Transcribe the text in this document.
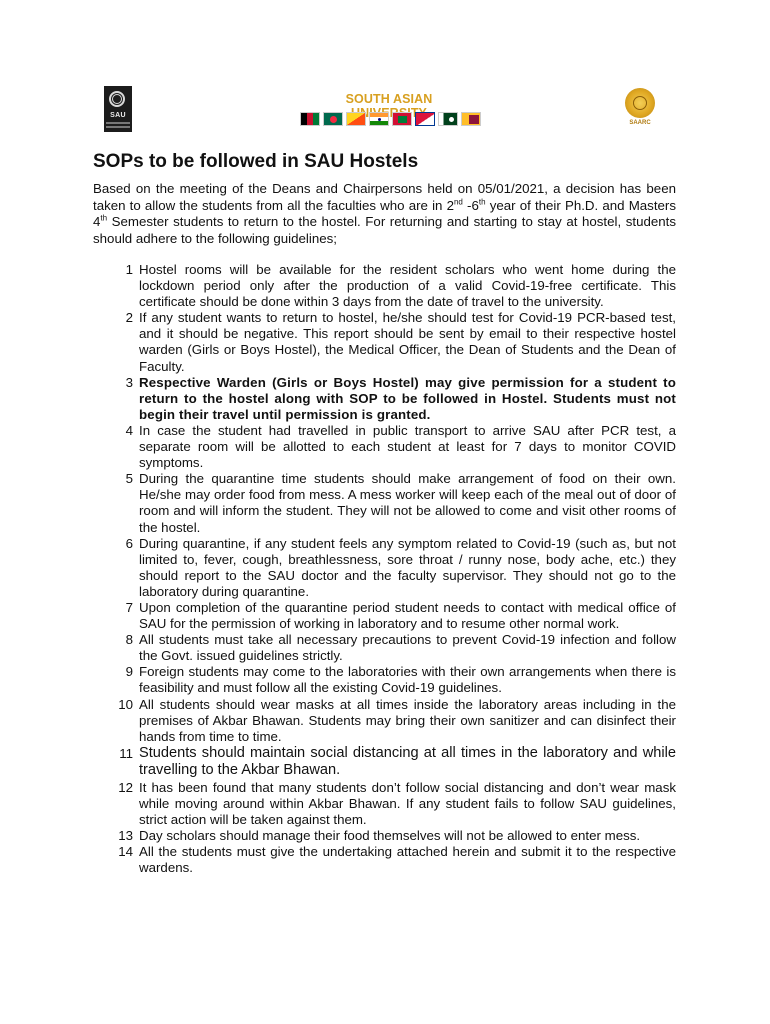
SAU
SOUTH ASIAN
SAARC
SOPs to be followed in SAU Hostels

Based on the meeting of the Deans and Chairpersons held on 05/01/2021, a decision has been taken to allow the students from all the faculties who are in 2nd -6th year of their Ph.D. and Masters 4th Semester students to return to the hostel. For returning and starting to stay at hostel, students should adhere to the following guidelines;

1 Hostel rooms will be available for the resident scholars who went home during the lockdown period only after the production of a valid Covid-19-free certificate. This certificate should be done within 3 days from the date of travel to the university.
2 If any student wants to return to hostel, he/she should test for Covid-19 PCR-based test, and it should be negative. This report should be sent by email to their respective hostel warden (Girls or Boys Hostel), the Medical Officer, the Dean of Students and the Dean of Faculty.
3 Respective Warden (Girls or Boys Hostel) may give permission for a student to return to the hostel along with SOP to be followed in Hostel. Students must not begin their travel until permission is granted.
4 In case the student had travelled in public transport to arrive SAU after PCR test, a separate room will be allotted to each student at least for 7 days to monitor COVID symptoms.
5 During the quarantine time students should make arrangement of food on their own. He/she may order food from mess. A mess worker will keep each of the meal out of door of room and will inform the student. They will not be allowed to come and visit other rooms of the hostel.
6 During quarantine, if any student feels any symptom related to Covid-19 (such as, but not limited to, fever, cough, breathlessness, sore throat / runny nose, body ache, etc.) they should report to the SAU doctor and the faculty supervisor. They should not go to the laboratory during quarantine.
7 Upon completion of the quarantine period student needs to contact with medical office of SAU for the permission of working in laboratory and to resume other normal work.
8 All students must take all necessary precautions to prevent Covid-19 infection and follow the Govt. issued guidelines strictly.
9 Foreign students may come to the laboratories with their own arrangements when there is feasibility and must follow all the existing Covid-19 guidelines.
10 All students should wear masks at all times inside the laboratory areas including in the premises of Akbar Bhawan. Students may bring their own sanitizer and can disinfect their hands from time to time.
11 Students should maintain social distancing at all times in the laboratory and while travelling to the Akbar Bhawan.
12 It has been found that many students don’t follow social distancing and don’t wear mask while moving around within Akbar Bhawan. If any student fails to follow SAU guidelines, strict action will be taken against them.
13 Day scholars should manage their food themselves will not be allowed to enter mess.
14 All the students must give the undertaking attached herein and submit it to the respective wardens.
